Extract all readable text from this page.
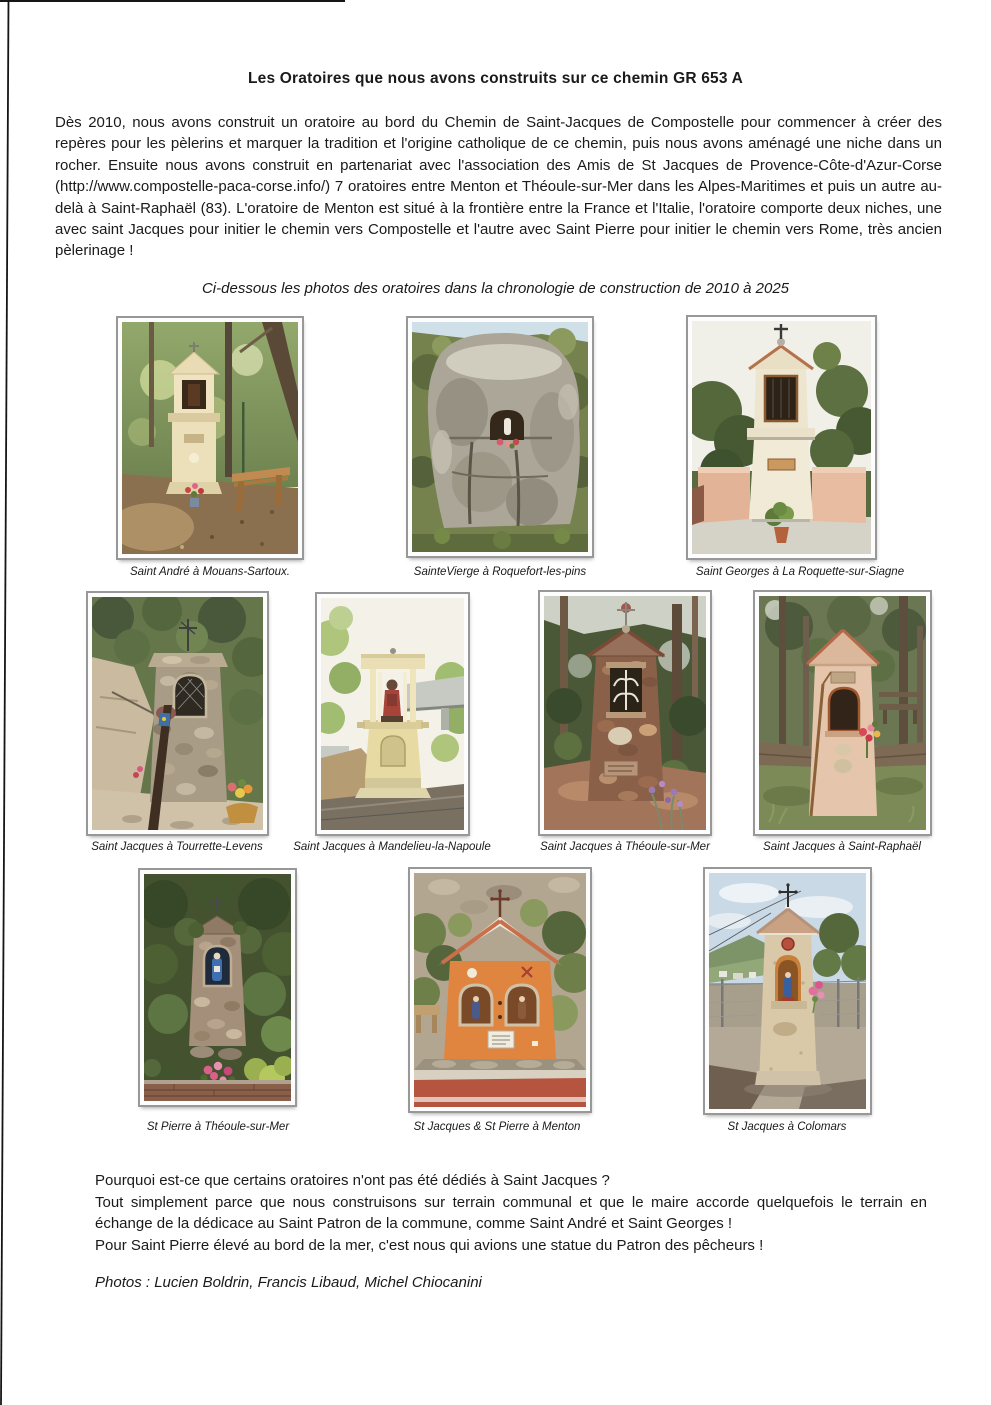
Les Oratoires que nous avons construits sur ce chemin GR 653 A
Dès 2010, nous avons construit un oratoire au bord du Chemin de Saint-Jacques de Compostelle pour commencer à créer des repères pour les pèlerins et marquer la tradition et l'origine catholique de ce chemin, puis nous avons aménagé une niche dans un rocher. Ensuite nous avons construit en partenariat avec l'association des Amis de St Jacques de Provence-Côte-d'Azur-Corse (http://www.compostelle-paca-corse.info/) 7 oratoires entre Menton et Théoule-sur-Mer dans les Alpes-Maritimes et puis un autre au-delà à Saint-Raphaël (83). L'oratoire de Menton est situé à la frontière entre la France et l'Italie, l'oratoire comporte deux niches, une avec saint Jacques pour initier le chemin vers Compostelle et l'autre avec Saint Pierre pour initier le chemin vers Rome, très ancien pèlerinage !
Ci-dessous les photos des oratoires dans la chronologie de construction de 2010 à 2025
Saint André à Mouans-Sartoux.	SainteVierge à Roquefort-les-pins	Saint Georges à La Roquette-sur-Siagne
Saint Jacques à Tourrette-Levens	Saint Jacques à Mandelieu-la-Napoule	Saint Jacques à Théoule-sur-Mer	Saint Jacques à Saint-Raphaël
St Pierre à Théoule-sur-Mer	St Jacques & St Pierre à Menton	St Jacques à Colomars

Pourquoi est-ce que certains oratoires n'ont pas été dédiés à Saint Jacques ?

Tout simplement parce que nous construisons sur terrain communal et que le maire accorde quelquefois le terrain en échange de la dédicace au Saint Patron de la commune, comme Saint André et Saint Georges !

Pour Saint Pierre élevé au bord de la mer, c'est nous qui avions une statue du Patron des pêcheurs !

Photos : Lucien Boldrin, Francis Libaud, Michel Chiocanini
